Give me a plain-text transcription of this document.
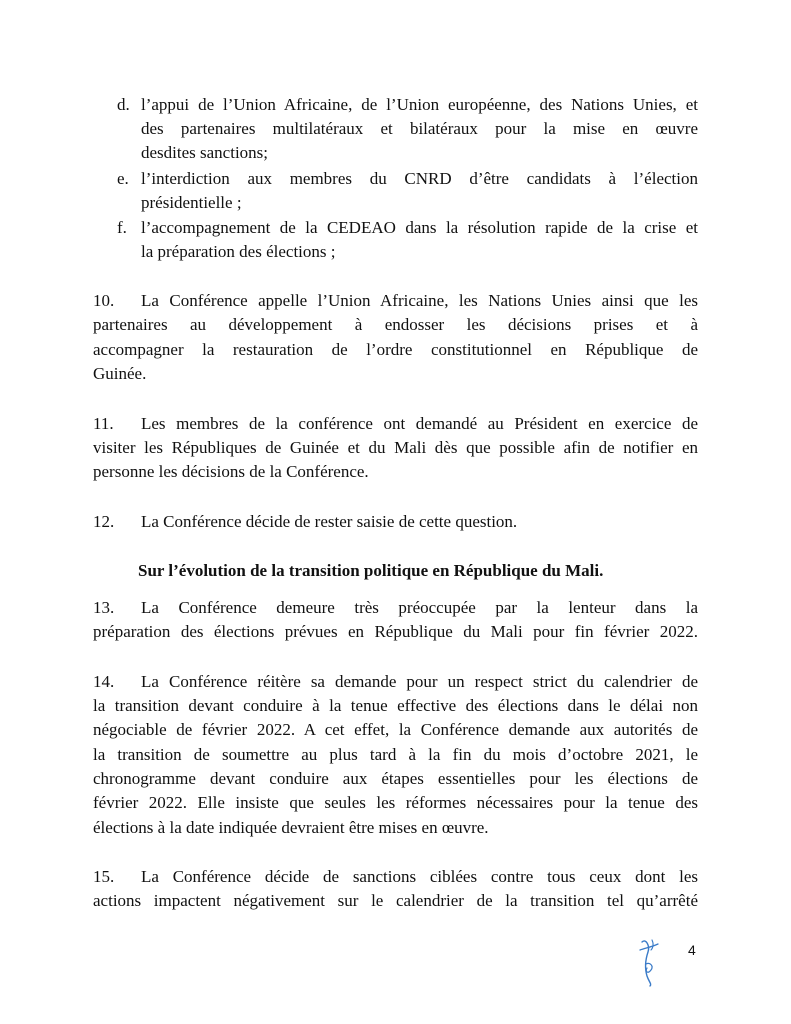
d. l’appui de l’Union Africaine, de l’Union européenne, des Nations Unies, et
des partenaires multilatéraux et bilatéraux pour la mise en œuvre
desdites sanctions;
e. l’interdiction aux membres du CNRD d’être candidats à l’élection
présidentielle ;
f. l’accompagnement de la CEDEAO dans la résolution rapide de la crise et
la préparation des élections ;
10. La Conférence appelle l’Union Africaine, les Nations Unies ainsi que les
partenaires au développement à endosser les décisions prises et à
accompagner la restauration de l’ordre constitutionnel en République de
Guinée.
11. Les membres de la conférence ont demandé au Président en exercice de
visiter les Républiques de Guinée et du Mali dès que possible afin de notifier en
personne les décisions de la Conférence.
12. La Conférence décide de rester saisie de cette question.
Sur l’évolution de la transition politique en République du Mali.
13. La Conférence demeure très préoccupée par la lenteur dans la
préparation des élections prévues en République du Mali pour fin février 2022.
14. La Conférence réitère sa demande pour un respect strict du calendrier de
la transition devant conduire à la tenue effective des élections dans le délai non
négociable de février 2022. A cet effet, la Conférence demande aux autorités de
la transition de soumettre au plus tard à la fin du mois d’octobre 2021, le
chronogramme devant conduire aux étapes essentielles pour les élections de
février 2022. Elle insiste que seules les réformes nécessaires pour la tenue des
élections à la date indiquée devraient être mises en œuvre.
15. La Conférence décide de sanctions ciblées contre tous ceux dont les
actions impactent négativement sur le calendrier de la transition tel qu’arrêté
4
